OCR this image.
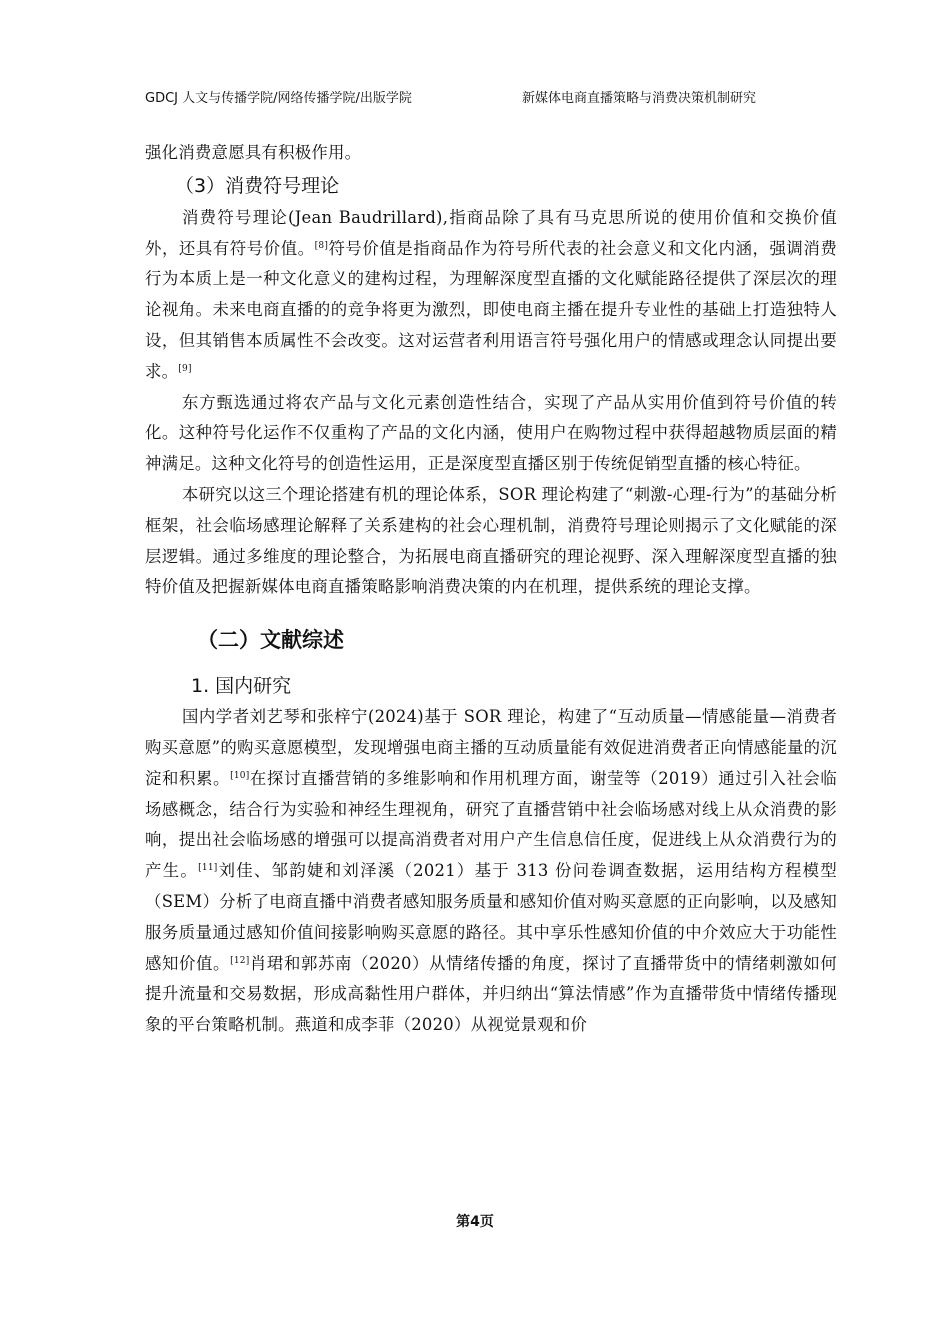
GDCJ 人文与传播学院/网络传播学院/出版学院	新媒体电商直播策略与消费决策机制研究

强化消费意愿具有积极作用。

（3）消费符号理论

消费符号理论(Jean Baudrillard),指商品除了具有马克思所说的使用价值和交换价值外，还具有符号价值。[8]符号价值是指商品作为符号所代表的社会意义和文化内涵，强调消费行为本质上是一种文化意义的建构过程，为理解深度型直播的文化赋能路径提供了深层次的理论视角。未来电商直播的的竞争将更为激烈，即使电商主播在提升专业性的基础上打造独特人设，但其销售本质属性不会改变。这对运营者利用语言符号强化用户的情感或理念认同提出要求。[9]

东方甄选通过将农产品与文化元素创造性结合，实现了产品从实用价值到符号价值的转化。这种符号化运作不仅重构了产品的文化内涵，使用户在购物过程中获得超越物质层面的精神满足。这种文化符号的创造性运用，正是深度型直播区别于传统促销型直播的核心特征。

本研究以这三个理论搭建有机的理论体系，SOR 理论构建了“刺激-心理-行为”的基础分析框架，社会临场感理论解释了关系建构的社会心理机制，消费符号理论则揭示了文化赋能的深层逻辑。通过多维度的理论整合，为拓展电商直播研究的理论视野、深入理解深度型直播的独特价值及把握新媒体电商直播策略影响消费决策的内在机理，提供系统的理论支撑。

（二）文献综述
1. 国内研究

国内学者刘艺琴和张梓宁(2024)基于 SOR 理论，构建了“互动质量—情感能量—消费者购买意愿”的购买意愿模型，发现增强电商主播的互动质量能有效促进消费者正向情感能量的沉淀和积累。[10]在探讨直播营销的多维影响和作用机理方面，谢莹等（2019）通过引入社会临场感概念，结合行为实验和神经生理视角，研究了直播营销中社会临场感对线上从众消费的影响，提出社会临场感的增强可以提高消费者对用户产生信息信任度，促进线上从众消费行为的产生。[11]刘佳、邹韵婕和刘泽溪（2021）基于 313 份问卷调查数据，运用结构方程模型（SEM）分析了电商直播中消费者感知服务质量和感知价值对购买意愿的正向影响，以及感知服务质量通过感知价值间接影响购买意愿的路径。其中享乐性感知价值的中介效应大于功能性感知价值。[12]肖珺和郭苏南（2020）从情绪传播的角度，探讨了直播带货中的情绪刺激如何提升流量和交易数据，形成高黏性用户群体，并归纳出“算法情感”作为直播带货中情绪传播现象的平台策略机制。燕道和成李菲（2020）从视觉景观和价

第4页
